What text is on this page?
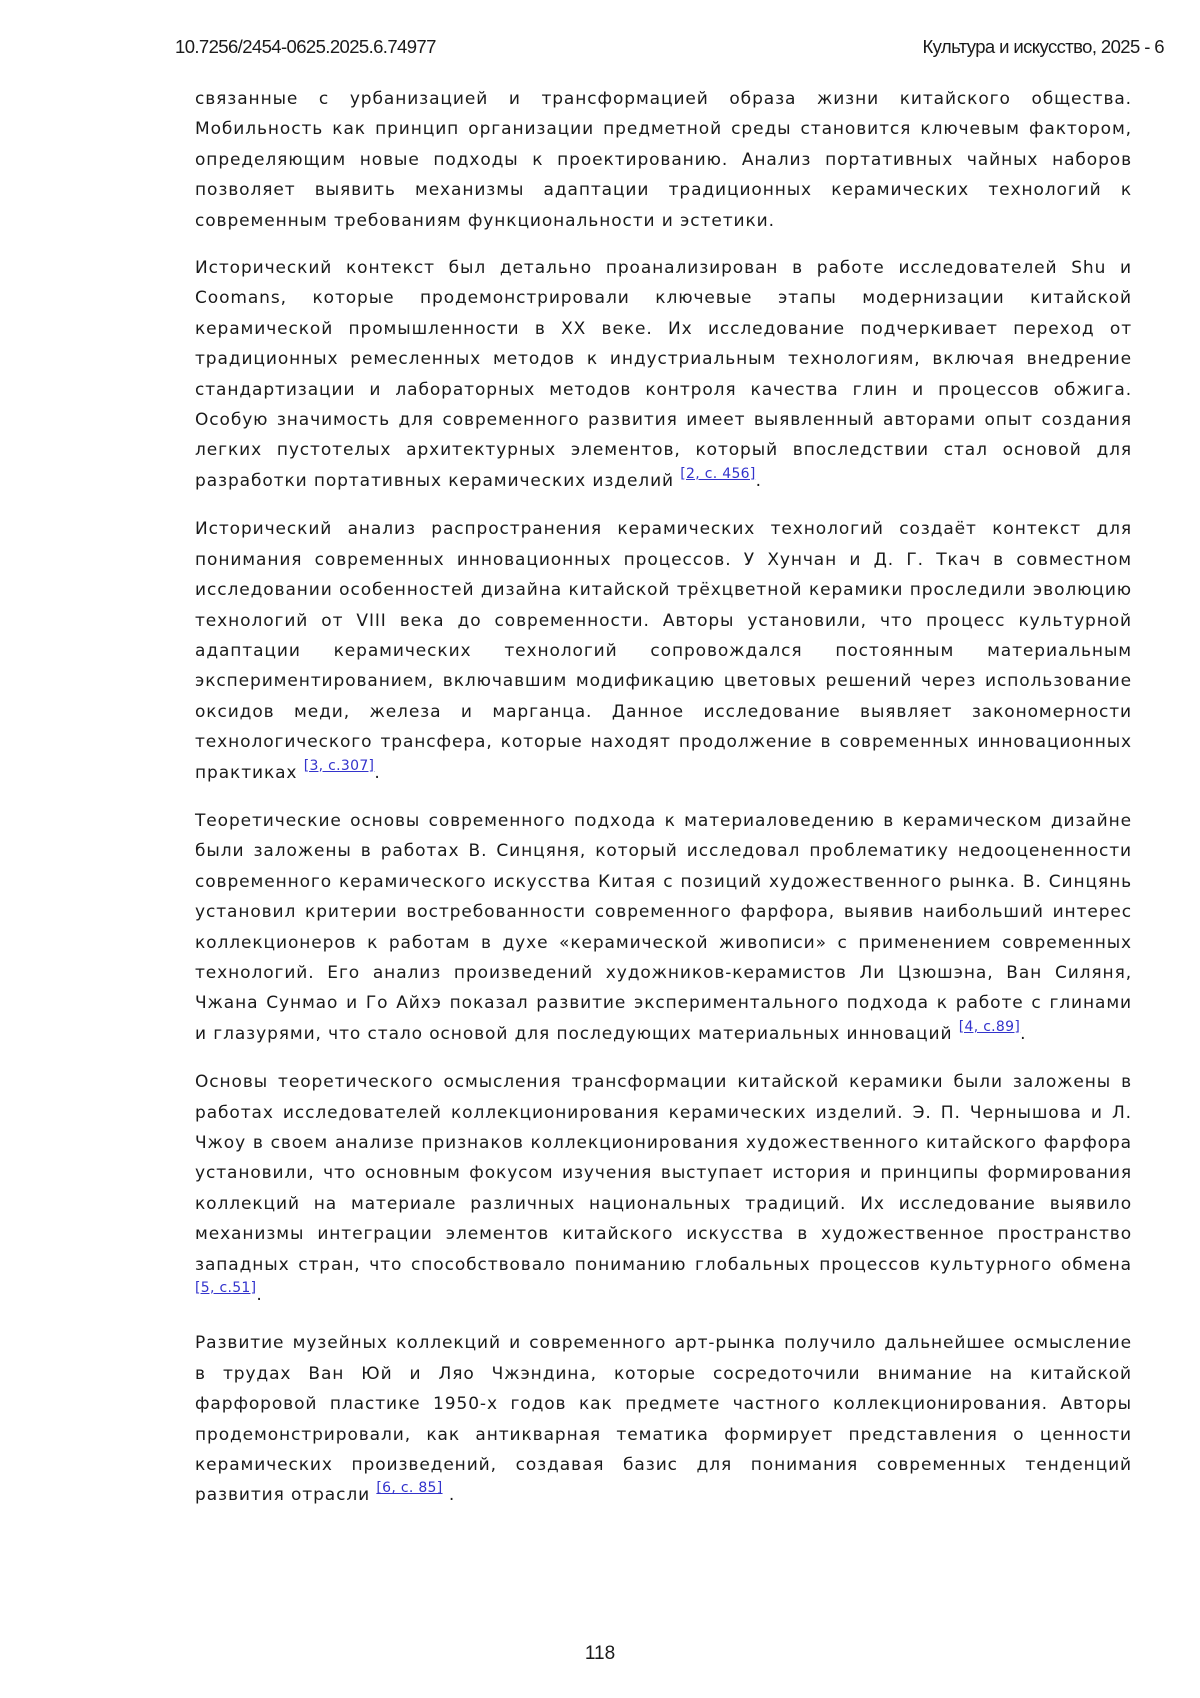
10.7256/2454-0625.2025.6.74977	Культура и искусство, 2025 - 6

связанные с урбанизацией и трансформацией образа жизни китайского общества. Мобильность как принцип организации предметной среды становится ключевым фактором, определяющим новые подходы к проектированию. Анализ портативных чайных наборов позволяет выявить механизмы адаптации традиционных керамических технологий к современным требованиям функциональности и эстетики.

Исторический контекст был детально проанализирован в работе исследователей Shu и Coomans, которые продемонстрировали ключевые этапы модернизации китайской керамической промышленности в XX веке. Их исследование подчеркивает переход от традиционных ремесленных методов к индустриальным технологиям, включая внедрение стандартизации и лабораторных методов контроля качества глин и процессов обжига. Особую значимость для современного развития имеет выявленный авторами опыт создания легких пустотелых архитектурных элементов, который впоследствии стал основой для разработки портативных керамических изделий [2, с. 456].

Исторический анализ распространения керамических технологий создаёт контекст для понимания современных инновационных процессов. У Хунчан и Д. Г. Ткач в совместном исследовании особенностей дизайна китайской трёхцветной керамики проследили эволюцию технологий от VIII века до современности. Авторы установили, что процесс культурной адаптации керамических технологий сопровождался постоянным материальным экспериментированием, включавшим модификацию цветовых решений через использование оксидов меди, железа и марганца. Данное исследование выявляет закономерности технологического трансфера, которые находят продолжение в современных инновационных практиках [3, с.307].

Теоретические основы современного подхода к материаловедению в керамическом дизайне были заложены в работах В. Синцяня, который исследовал проблематику недооцененности современного керамического искусства Китая с позиций художественного рынка. В. Синцянь установил критерии востребованности современного фарфора, выявив наибольший интерес коллекционеров к работам в духе «керамической живописи» с применением современных технологий. Его анализ произведений художников-керамистов Ли Цзюшэна, Ван Силяня, Чжана Сунмао и Го Айхэ показал развитие экспериментального подхода к работе с глинами и глазурями, что стало основой для последующих материальных инноваций [4, с.89].

Основы теоретического осмысления трансформации китайской керамики были заложены в работах исследователей коллекционирования керамических изделий. Э. П. Чернышова и Л. Чжоу в своем анализе признаков коллекционирования художественного китайского фарфора установили, что основным фокусом изучения выступает история и принципы формирования коллекций на материале различных национальных традиций. Их исследование выявило механизмы интеграции элементов китайского искусства в художественное пространство западных стран, что способствовало пониманию глобальных процессов культурного обмена [5, с.51].

Развитие музейных коллекций и современного арт-рынка получило дальнейшее осмысление в трудах Ван Юй и Ляо Чжэндина, которые сосредоточили внимание на китайской фарфоровой пластике 1950-х годов как предмете частного коллекционирования. Авторы продемонстрировали, как антикварная тематика формирует представления о ценности керамических произведений, создавая базис для понимания современных тенденций развития отрасли [6, с. 85] .

118
